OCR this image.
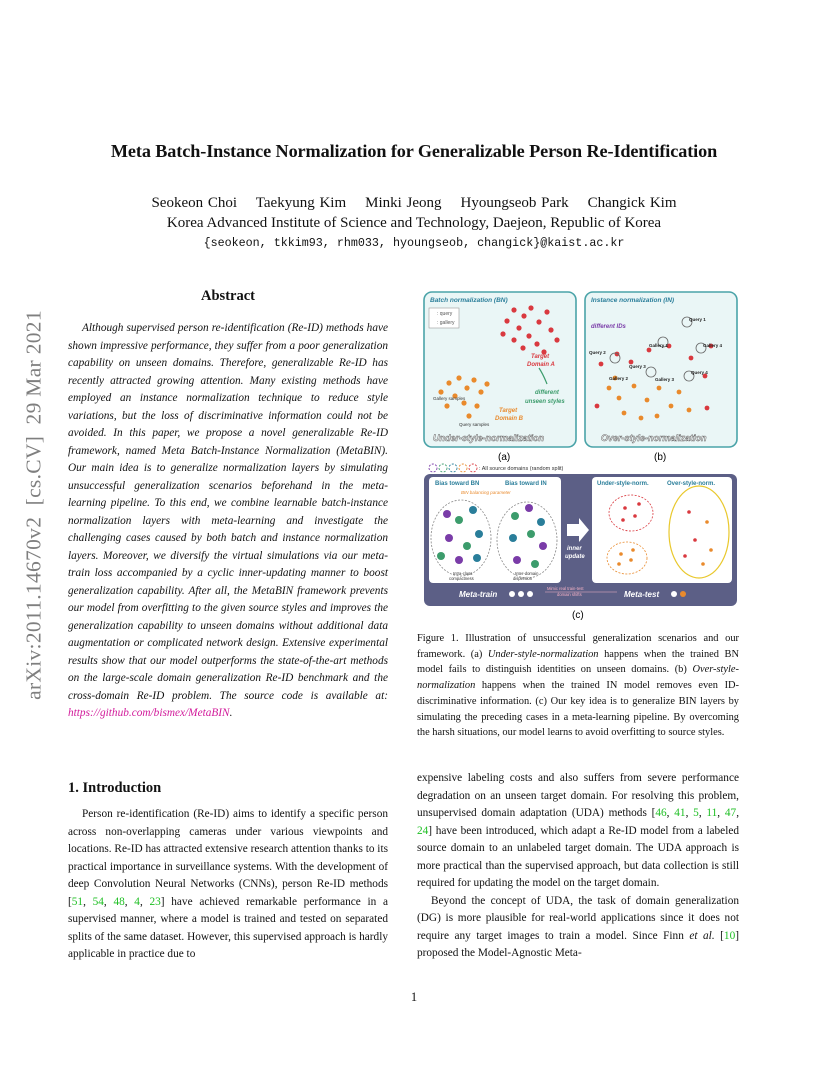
Meta Batch-Instance Normalization for Generalizable Person Re-Identification
Seokeon Choi    Taekyung Kim    Minki Jeong    Hyoungseob Park    Changick Kim
Korea Advanced Institute of Science and Technology, Daejeon, Republic of Korea
{seokeon, tkkim93, rhm033, hyoungseob, changick}@kaist.ac.kr
arXiv:2011.14670v2  [cs.CV]  29 Mar 2021
Abstract
Although supervised person re-identification (Re-ID) methods have shown impressive performance, they suffer from a poor generalization capability on unseen domains. Therefore, generalizable Re-ID has recently attracted growing attention. Many existing methods have employed an instance normalization technique to reduce style variations, but the loss of discriminative information could not be avoided. In this paper, we propose a novel generalizable Re-ID framework, named Meta Batch-Instance Normalization (MetaBIN). Our main idea is to generalize normalization layers by simulating unsuccessful generalization scenarios beforehand in the meta-learning pipeline. To this end, we combine learnable batch-instance normalization layers with meta-learning and investigate the challenging cases caused by both batch and instance normalization layers. Moreover, we diversify the virtual simulations via our meta-train loss accompanied by a cyclic inner-updating manner to boost generalization capability. After all, the MetaBIN framework prevents our model from overfitting to the given source styles and improves the generalization capability to unseen domains without additional data augmentation or complicated network design. Extensive experimental results show that our model outperforms the state-of-the-art methods on the large-scale domain generalization Re-ID benchmark and the cross-domain Re-ID problem. The source code is available at: https://github.com/bismex/MetaBIN.
1. Introduction
Person re-identification (Re-ID) aims to identify a specific person across non-overlapping cameras under various viewpoints and locations. Re-ID has attracted extensive research attention thanks to its practical importance in surveillance systems. With the development of deep Convolution Neural Networks (CNNs), person Re-ID methods [51, 54, 48, 4, 23] have achieved remarkable performance in a supervised manner, where a model is trained and tested on separated splits of the same dataset. However, this supervised approach is hardly applicable in practice due to
Batch normalization (BN)
: query
: gallery
Target
Domain A
Gallery samples
Query samples
Target
Domain B
different
unseen styles
Under-style-normalization
(a)
Instance normalization (IN)
different IDs
Query 1
Query 2
Query 3
Query 4
Gallery 1
Gallery 2	Gallery 3
Gallery 4
Over-style-normalization
(b)
: All source domains (random split)
Bias toward BN	Bias toward IN
BIN balancing parameter
Intra-class
compactness
Inter-domain
dispersion
inner
update
Under-style-norm.	Over-style-norm.
Meta-train
Mimic real train-test
domain shifts	Meta-test
(c)
Figure 1. Illustration of unsuccessful generalization scenarios and our framework. (a) Under-style-normalization happens when the trained BN model fails to distinguish identities on unseen domains. (b) Over-style-normalization happens when the trained IN model removes even ID-discriminative information. (c) Our key idea is to generalize BIN layers by simulating the preceding cases in a meta-learning pipeline. By overcoming the harsh situations, our model learns to avoid overfitting to source styles.

expensive labeling costs and also suffers from severe performance degradation on an unseen target domain. For resolving this problem, unsupervised domain adaptation (UDA) methods [46, 41, 5, 11, 47, 24] have been introduced, which adapt a Re-ID model from a labeled source domain to an unlabeled target domain. The UDA approach is more practical than the supervised approach, but data collection is still required for updating the model on the target domain.

Beyond the concept of UDA, the task of domain generalization (DG) is more plausible for real-world applications since it does not require any target images to train a model. Since Finn et al. [10] proposed the Model-Agnostic Meta-

1
